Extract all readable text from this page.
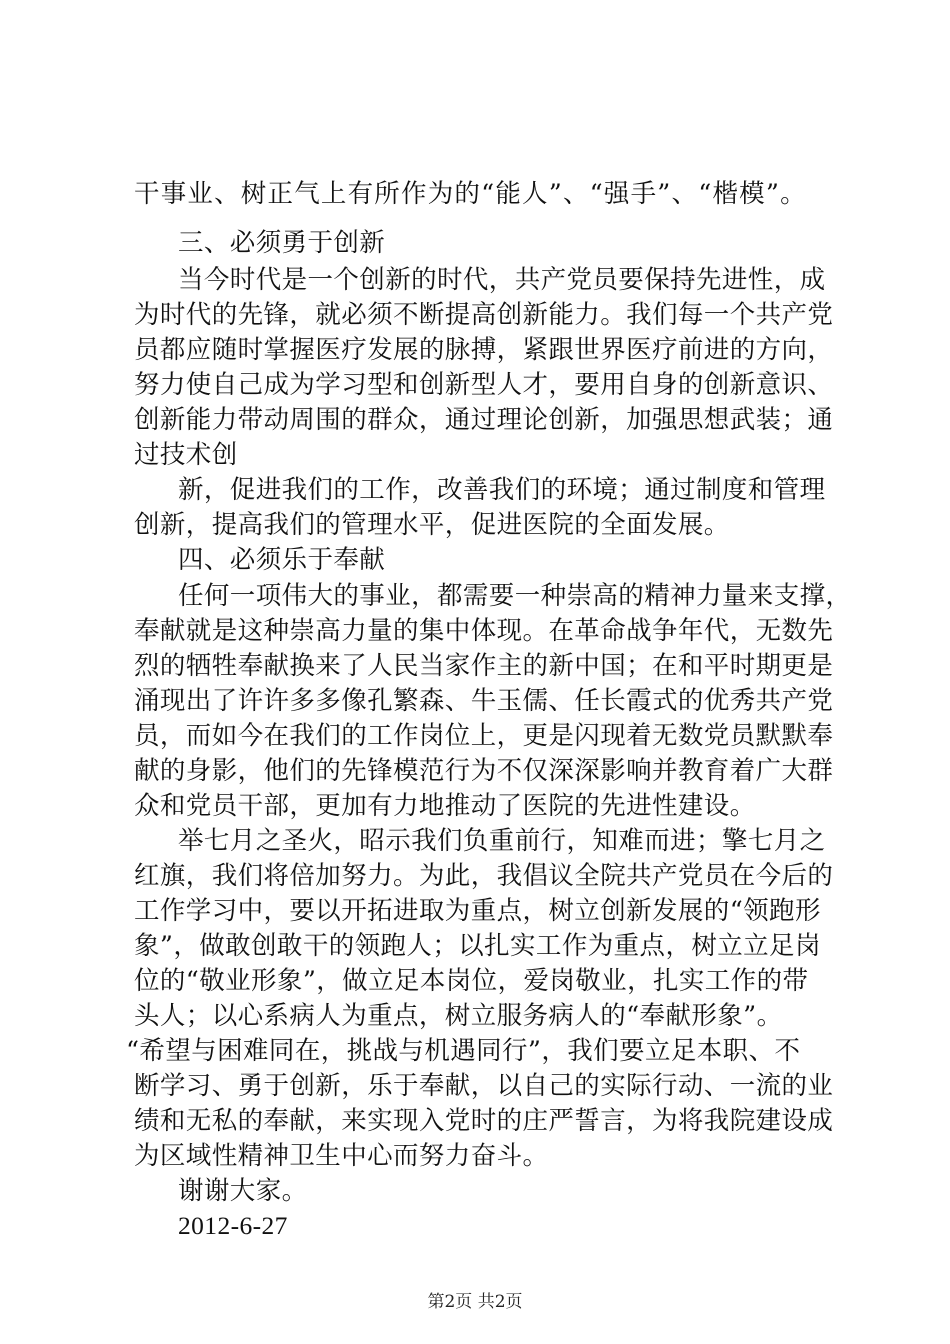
干事业、树正气上有所作为的“能人”、“强手”、“楷模”。
三、必须勇于创新
当今时代是一个创新的时代，共产党员要保持先进性，成
为时代的先锋，就必须不断提高创新能力。我们每一个共产党
员都应随时掌握医疗发展的脉搏，紧跟世界医疗前进的方向，
努力使自己成为学习型和创新型人才，要用自身的创新意识、
创新能力带动周围的群众，通过理论创新，加强思想武装；通
过技术创
新，促进我们的工作，改善我们的环境；通过制度和管理
创新，提高我们的管理水平，促进医院的全面发展。
四、必须乐于奉献
任何一项伟大的事业，都需要一种崇高的精神力量来支撑，
奉献就是这种崇高力量的集中体现。在革命战争年代，无数先
烈的牺牲奉献换来了人民当家作主的新中国；在和平时期更是
涌现出了许许多多像孔繁森、牛玉儒、任长霞式的优秀共产党
员，而如今在我们的工作岗位上，更是闪现着无数党员默默奉
献的身影，他们的先锋模范行为不仅深深影响并教育着广大群
众和党员干部，更加有力地推动了医院的先进性建设。
举七月之圣火，昭示我们负重前行，知难而进；擎七月之
红旗，我们将倍加努力。为此，我倡议全院共产党员在今后的
工作学习中，要以开拓进取为重点，树立创新发展的“领跑形
象”，做敢创敢干的领跑人；以扎实工作为重点，树立立足岗
位的“敬业形象”，做立足本岗位，爱岗敬业，扎实工作的带
头人；以心系病人为重点，树立服务病人的“奉献形象”。
“希望与困难同在，挑战与机遇同行”，我们要立足本职、不
断学习、勇于创新，乐于奉献，以自己的实际行动、一流的业
绩和无私的奉献，来实现入党时的庄严誓言，为将我院建设成
为区域性精神卫生中心而努力奋斗。
谢谢大家。
2012-6-27
第2页 共2页
